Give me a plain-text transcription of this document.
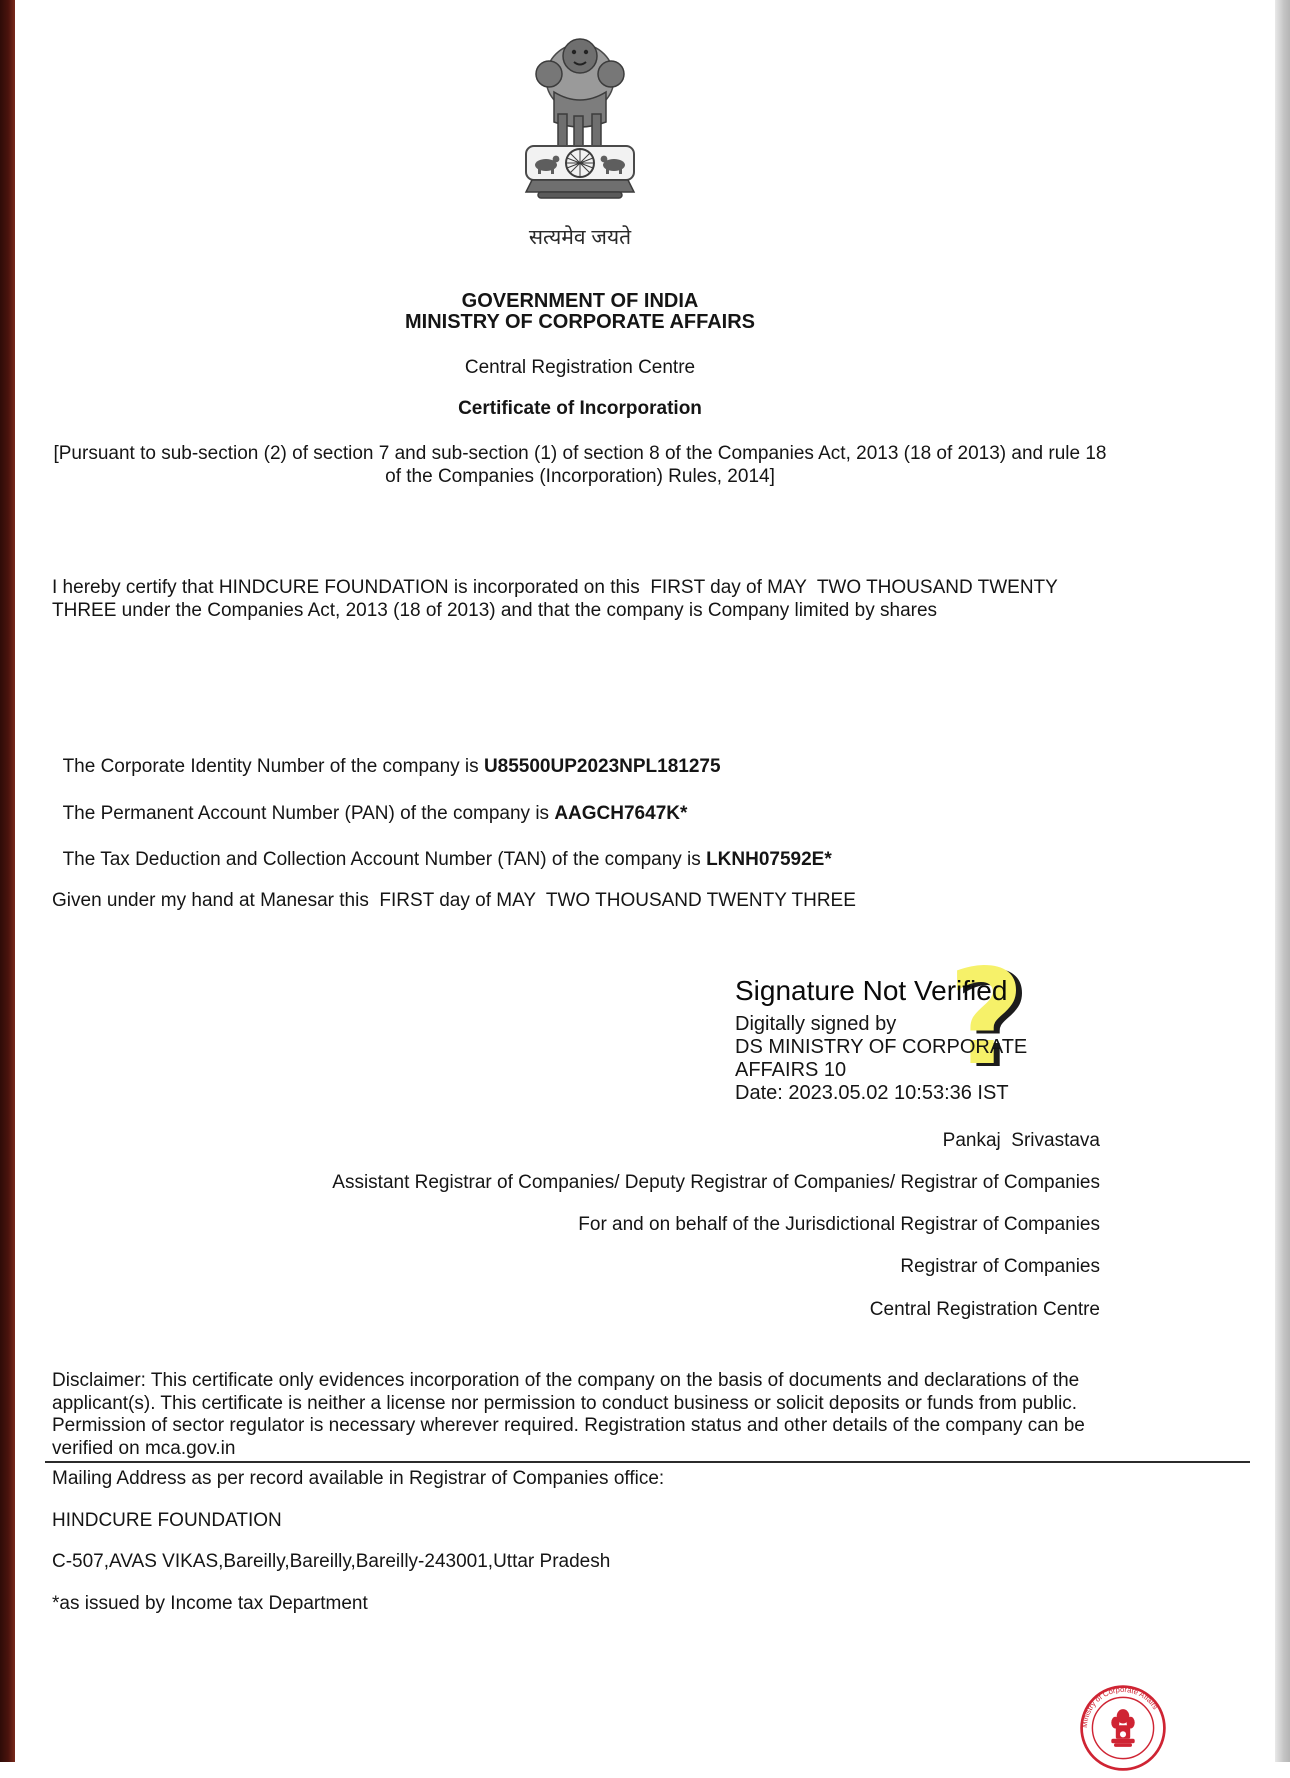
सत्यमेव जयते
GOVERNMENT OF INDIA
MINISTRY OF CORPORATE AFFAIRS
Central Registration Centre
Certificate of Incorporation
[Pursuant to sub-section (2) of section 7 and sub-section (1) of section 8 of the Companies Act, 2013 (18 of 2013) and rule 18 of the Companies (Incorporation) Rules, 2014]
I hereby certify that HINDCURE FOUNDATION is incorporated on this  FIRST day of MAY  TWO THOUSAND TWENTY THREE under the Companies Act, 2013 (18 of 2013) and that the company is Company limited by shares

The Corporate Identity Number of the company is U85500UP2023NPL181275

The Permanent Account Number (PAN) of the company is AAGCH7647K*

The Tax Deduction and Collection Account Number (TAN) of the company is LKNH07592E*

Given under my hand at Manesar this  FIRST day of MAY  TWO THOUSAND TWENTY THREE
?
Signature Not Verified
Digitally signed by
DS MINISTRY OF CORPORATE
AFFAIRS 10
Date: 2023.05.02 10:53:36 IST
Pankaj  Srivastava
Assistant Registrar of Companies/ Deputy Registrar of Companies/ Registrar of Companies
For and on behalf of the Jurisdictional Registrar of Companies
Registrar of Companies
Central Registration Centre
Disclaimer: This certificate only evidences incorporation of the company on the basis of documents and declarations of the applicant(s). This certificate is neither a license nor permission to conduct business or solicit deposits or funds from public. Permission of sector regulator is necessary wherever required. Registration status and other details of the company can be verified on mca.gov.in
Mailing Address as per record available in Registrar of Companies office:
HINDCURE FOUNDATION
C-507,AVAS VIKAS,Bareilly,Bareilly,Bareilly-243001,Uttar Pradesh
*as issued by Income tax Department
Ministry of Corporate Affairs
